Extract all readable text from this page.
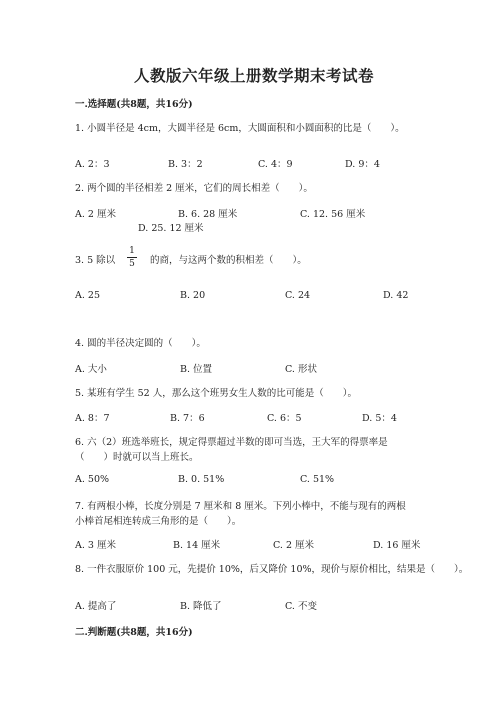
人教版六年级上册数学期末考试卷
一.选择题(共8题，共16分)
1. 小圆半径是 4cm，大圆半径是 6cm，大圆面积和小圆面积的比是（　　）。
A. 2：3	B. 3：2	C. 4：9	D. 9：4
2. 两个圆的半径相差 2 厘米，它们的周长相差（　　）。
A. 2 厘米	B. 6. 28 厘米	C. 12. 56 厘米
D. 25. 12 厘米
3. 5 除以
1
5 的商，与这两个数的积相差（　　）。
A. 25	B. 20	C. 24	D. 42
4. 圆的半径决定圆的（　　）。
A. 大小	B. 位置	C. 形状
5. 某班有学生 52 人，那么这个班男女生人数的比可能是（　　）。
A. 8：7	B. 7：6	C. 6：5	D. 5：4
6. 六（2）班选举班长，规定得票超过半数的即可当选，王大军的得票率是
（　　）时就可以当上班长。
A. 50%	B. 0. 51%	C. 51%
7. 有两根小棒，长度分别是 7 厘米和 8 厘米。下列小棒中，不能与现有的两根
小棒首尾相连转成三角形的是（　　）。
A. 3 厘米	B. 14 厘米	C. 2 厘米	D. 16 厘米
8. 一件衣服原价 100 元，先提价 10%，后又降价 10%，现价与原价相比，结果是（　　）。
A. 提高了	B. 降低了	C. 不变
二.判断题(共8题，共16分)
